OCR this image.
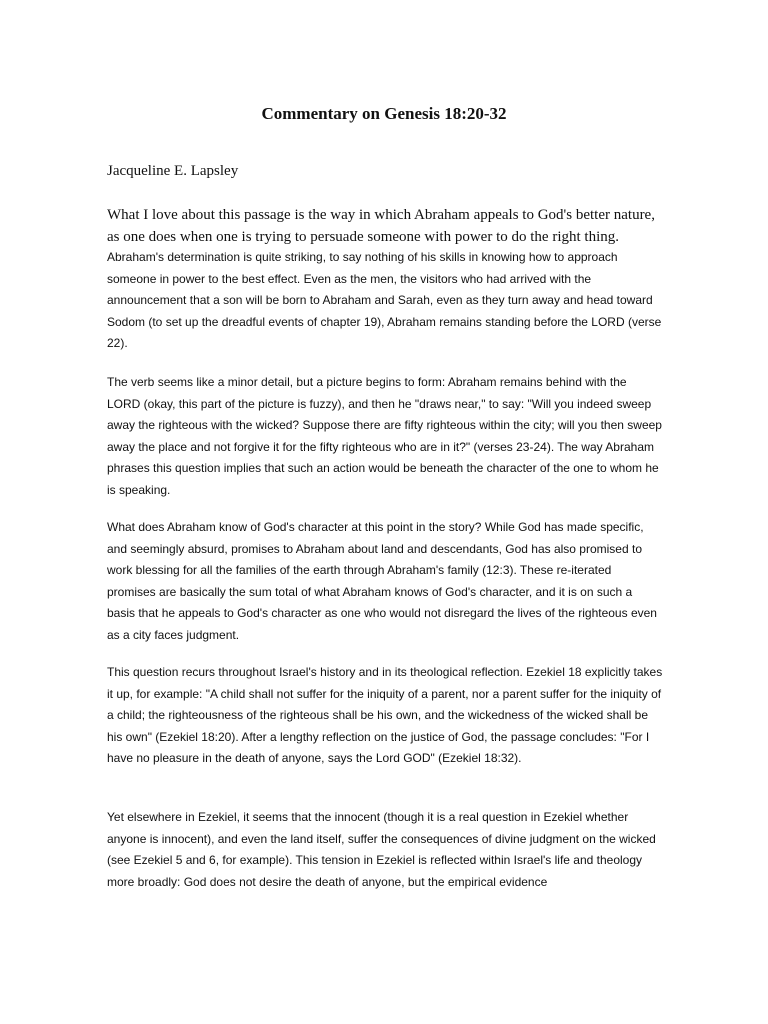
Commentary on Genesis 18:20-32

Jacqueline E. Lapsley

What I love about this passage is the way in which Abraham appeals to God's better nature, as one does when one is trying to persuade someone with power to do the right thing.

Abraham's determination is quite striking, to say nothing of his skills in knowing how to approach someone in power to the best effect. Even as the men, the visitors who had arrived with the announcement that a son will be born to Abraham and Sarah, even as they turn away and head toward Sodom (to set up the dreadful events of chapter 19), Abraham remains standing before the LORD (verse 22).

The verb seems like a minor detail, but a picture begins to form: Abraham remains behind with the LORD (okay, this part of the picture is fuzzy), and then he "draws near," to say: "Will you indeed sweep away the righteous with the wicked? Suppose there are fifty righteous within the city; will you then sweep away the place and not forgive it for the fifty righteous who are in it?" (verses 23-24). The way Abraham phrases this question implies that such an action would be beneath the character of the one to whom he is speaking.

What does Abraham know of God's character at this point in the story? While God has made specific, and seemingly absurd, promises to Abraham about land and descendants, God has also promised to work blessing for all the families of the earth through Abraham's family (12:3). These re-iterated promises are basically the sum total of what Abraham knows of God's character, and it is on such a basis that he appeals to God's character as one who would not disregard the lives of the righteous even as a city faces judgment.

This question recurs throughout Israel's history and in its theological reflection. Ezekiel 18 explicitly takes it up, for example: "A child shall not suffer for the iniquity of a parent, nor a parent suffer for the iniquity of a child; the righteousness of the righteous shall be his own, and the wickedness of the wicked shall be his own" (Ezekiel 18:20). After a lengthy reflection on the justice of God, the passage concludes: "For I have no pleasure in the death of anyone, says the Lord GOD" (Ezekiel 18:32).

Yet elsewhere in Ezekiel, it seems that the innocent (though it is a real question in Ezekiel whether anyone is innocent), and even the land itself, suffer the consequences of divine judgment on the wicked (see Ezekiel 5 and 6, for example). This tension in Ezekiel is reflected within Israel's life and theology more broadly: God does not desire the death of anyone, but the empirical evidence
